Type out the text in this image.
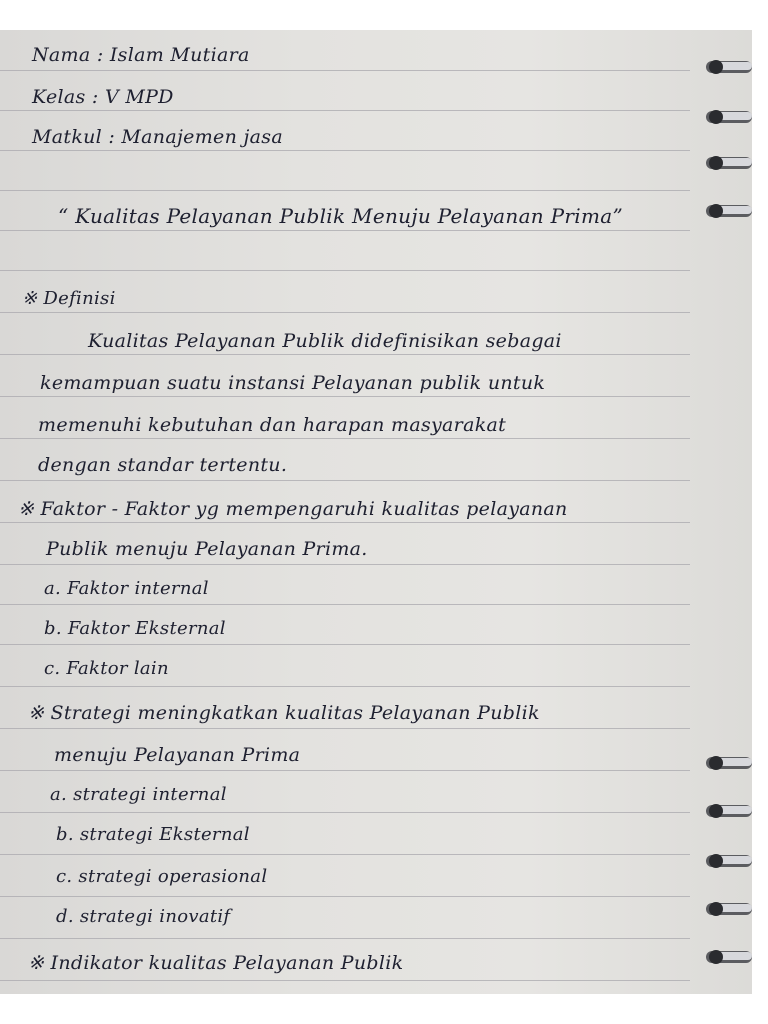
Nama : Islam Mutiara
Kelas : V MPD
Matkul : Manajemen jasa
“ Kualitas Pelayanan Publik Menuju Pelayanan Prima”
※ Definisi
Kualitas Pelayanan Publik didefinisikan sebagai
kemampuan suatu instansi Pelayanan publik untuk
memenuhi kebutuhan dan harapan masyarakat
dengan standar tertentu.
※ Faktor - Faktor yg mempengaruhi kualitas pelayanan
Publik menuju Pelayanan Prima.
a. Faktor internal
b. Faktor Eksternal
c. Faktor lain
※ Strategi meningkatkan kualitas Pelayanan Publik
menuju Pelayanan Prima
a. strategi internal
b. strategi Eksternal
c. strategi operasional
d. strategi inovatif
※ Indikator kualitas Pelayanan Publik
